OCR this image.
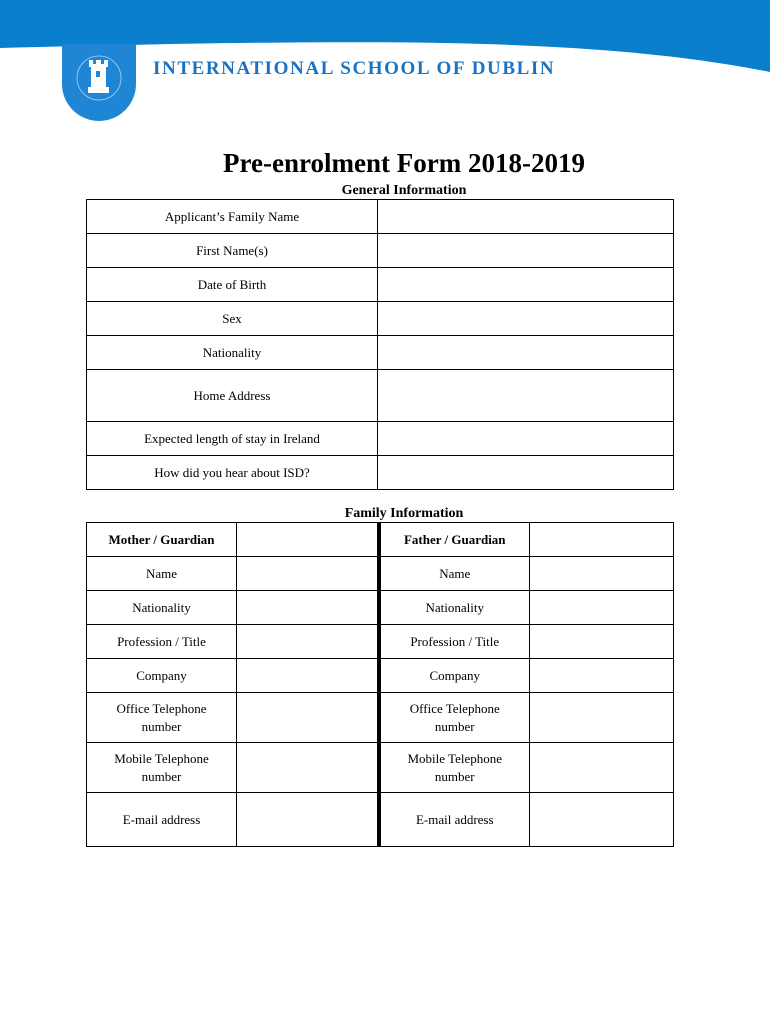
INTERNATIONAL SCHOOL OF DUBLIN
Pre-enrolment Form 2018-2019
General Information
Applicant’s Family Name	
First Name(s)	
Date of Birth	
Sex	
Nationality	
Home Address	
Expected length of stay in Ireland	
How did you hear about ISD?	
Family Information
Mother / Guardian		Father / Guardian	
Name		Name	
Nationality		Nationality	
Profession / Title		Profession / Title	
Company		Company	
Office Telephone number		Office Telephone number	
Mobile Telephone number		Mobile Telephone number	
E-mail address		E-mail address	
